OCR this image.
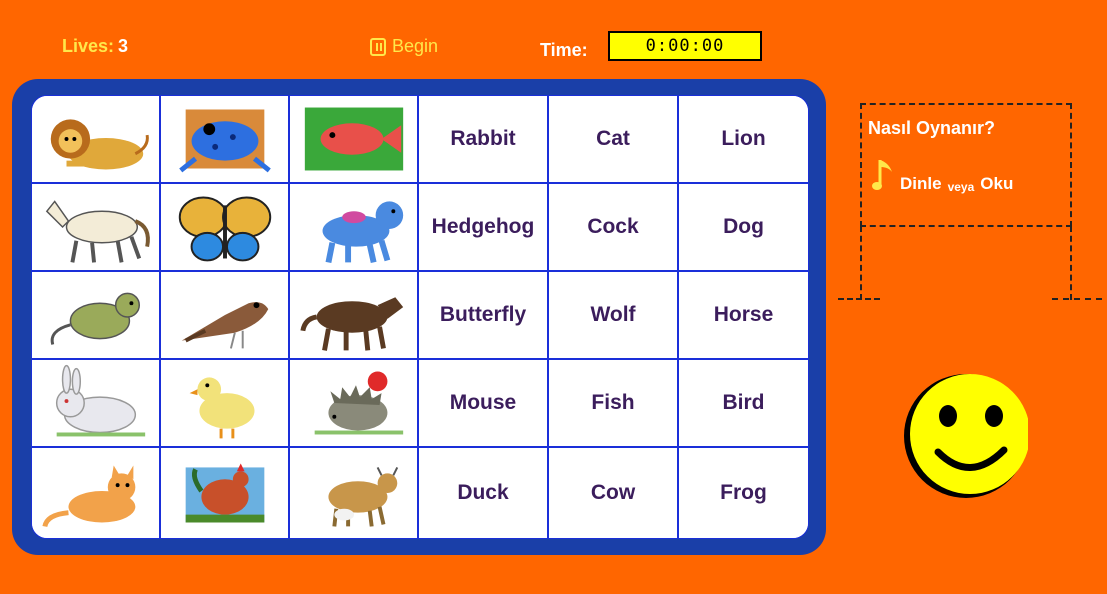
Lives: 3	Begin	Time:	0:00:00
Rabbit	Cat	Lion
Hedgehog	Cock	Dog
Butterfly	Wolf	Horse
Mouse	Fish	Bird
Duck	Cow	Frog
Nasıl Oynanır?
Dinle veya Oku
